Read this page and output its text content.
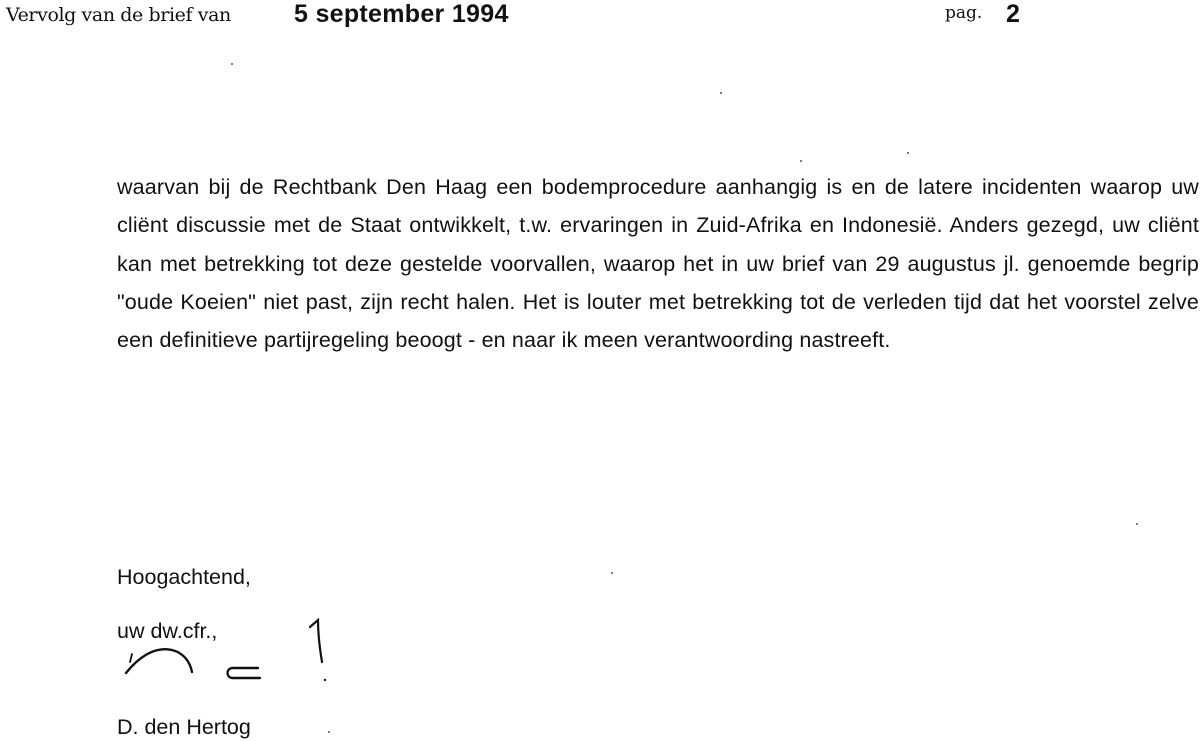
Vervolg van de brief van	5 september 1994	pag. 2
waarvan bij de Rechtbank Den Haag een bodemprocedure aanhangig is en de latere incidenten waarop uw cliënt discussie met de Staat ontwikkelt, t.w. ervaringen in Zuid-Afrika en Indonesië. Anders gezegd, uw cliënt kan met betrekking tot deze gestelde voorvallen, waarop het in uw brief van 29 augustus jl. genoemde begrip "oude Koeien" niet past, zijn recht halen. Het is louter met betrekking tot de verleden tijd dat het voorstel zelve een definitieve partijregeling beoogt - en naar ik meen verantwoording nastreeft.
Hoogachtend,
uw dw.cfr.,
D. den Hertog
